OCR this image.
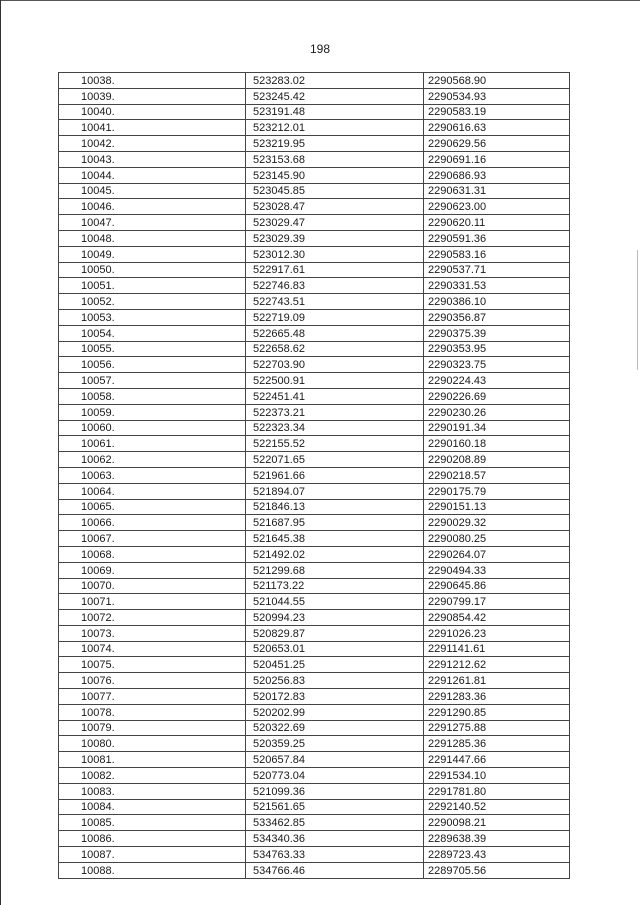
198
10038.	523283.02	2290568.90
10039.	523245.42	2290534.93
10040.	523191.48	2290583.19
10041.	523212.01	2290616.63
10042.	523219.95	2290629.56
10043.	523153.68	2290691.16
10044.	523145.90	2290686.93
10045.	523045.85	2290631.31
10046.	523028.47	2290623.00
10047.	523029.47	2290620.11
10048.	523029.39	2290591.36
10049.	523012.30	2290583.16
10050.	522917.61	2290537.71
10051.	522746.83	2290331.53
10052.	522743.51	2290386.10
10053.	522719.09	2290356.87
10054.	522665.48	2290375.39
10055.	522658.62	2290353.95
10056.	522703.90	2290323.75
10057.	522500.91	2290224.43
10058.	522451.41	2290226.69
10059.	522373.21	2290230.26
10060.	522323.34	2290191.34
10061.	522155.52	2290160.18
10062.	522071.65	2290208.89
10063.	521961.66	2290218.57
10064.	521894.07	2290175.79
10065.	521846.13	2290151.13
10066.	521687.95	2290029.32
10067.	521645.38	2290080.25
10068.	521492.02	2290264.07
10069.	521299.68	2290494.33
10070.	521173.22	2290645.86
10071.	521044.55	2290799.17
10072.	520994.23	2290854.42
10073.	520829.87	2291026.23
10074.	520653.01	2291141.61
10075.	520451.25	2291212.62
10076.	520256.83	2291261.81
10077.	520172.83	2291283.36
10078.	520202.99	2291290.85
10079.	520322.69	2291275.88
10080.	520359.25	2291285.36
10081.	520657.84	2291447.66
10082.	520773.04	2291534.10
10083.	521099.36	2291781.80
10084.	521561.65	2292140.52
10085.	533462.85	2290098.21
10086.	534340.36	2289638.39
10087.	534763.33	2289723.43
10088.	534766.46	2289705.56
